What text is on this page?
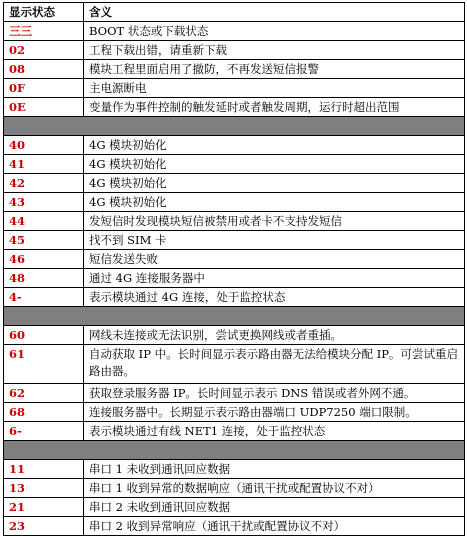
显示状态	含义
三三	BOOT 状态或下载状态
02	工程下载出错，请重新下载
08	模块工程里面启用了撤防，不再发送短信报警
0F	主电源断电
0E	变量作为事件控制的触发延时或者触发周期，运行时超出范围

40	4G 模块初始化
41	4G 模块初始化
42	4G 模块初始化
43	4G 模块初始化
44	发短信时发现模块短信被禁用或者卡不支持发短信
45	找不到 SIM 卡
46	短信发送失败
48	通过 4G 连接服务器中
4-	表示模块通过 4G 连接，处于监控状态

60	网线未连接或无法识别，尝试更换网线或者重插。
61	自动获取 IP 中。长时间显示表示路由器无法给模块分配 IP。可尝试重启路由器。
62	获取登录服务器 IP。长时间显示表示 DNS 错误或者外网不通。
68	连接服务器中。长期显示表示路由器端口 UDP7250 端口限制。
6-	表示模块通过有线 NET1 连接，处于监控状态

11	串口 1 未收到通讯回应数据
13	串口 1 收到异常的数据响应（通讯干扰或配置协议不对）
21	串口 2 未收到通讯回应数据
23	串口 2 收到异常响应（通讯干扰或配置协议不对）
